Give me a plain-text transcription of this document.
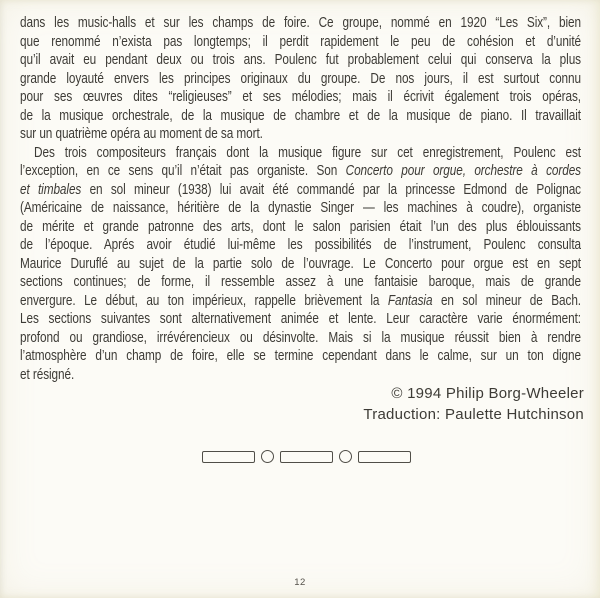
dans les music-halls et sur les champs de foire. Ce groupe, nommé en 1920 “Les Six”, bien
que renommé n’exista pas longtemps; il perdit rapidement le peu de cohésion et d’unité
qu’il avait eu pendant deux ou trois ans. Poulenc fut probablement celui qui conserva la plus
grande loyauté envers les principes originaux du groupe. De nos jours, il est surtout connu
pour ses œuvres dites “religieuses” et ses mélodies; mais il écrivit également trois opéras,
de la musique orchestrale, de la musique de chambre et de la musique de piano. Il travaillait
sur un quatrième opéra au moment de sa mort.
Des trois compositeurs français dont la musique figure sur cet enregistrement, Poulenc est
l’exception, en ce sens qu’il n’était pas organiste. Son Concerto pour orgue, orchestre à cordes
et timbales en sol mineur (1938) lui avait été commandé par la princesse Edmond de Polignac
(Américaine de naissance, héritière de la dynastie Singer — les machines à coudre), organiste
de mérite et grande patronne des arts, dont le salon parisien était l’un des plus éblouissants
de l’époque. Aprés avoir étudié lui-même les possibilités de l’instrument, Poulenc consulta
Maurice Duruflé au sujet de la partie solo de l’ouvrage. Le Concerto pour orgue est en sept
sections continues; de forme, il ressemble assez à une fantaisie baroque, mais de grande
envergure. Le début, au ton impérieux, rappelle brièvement la Fantasia en sol mineur de Bach.
Les sections suivantes sont alternativement animée et lente. Leur caractère varie énormément:
profond ou grandiose, irrévérencieux ou désinvolte. Mais si la musique réussit bien à rendre
l’atmosphère d’un champ de foire, elle se termine cependant dans le calme, sur un ton digne
et résigné.
© 1994 Philip Borg-Wheeler
Traduction: Paulette Hutchinson
12
